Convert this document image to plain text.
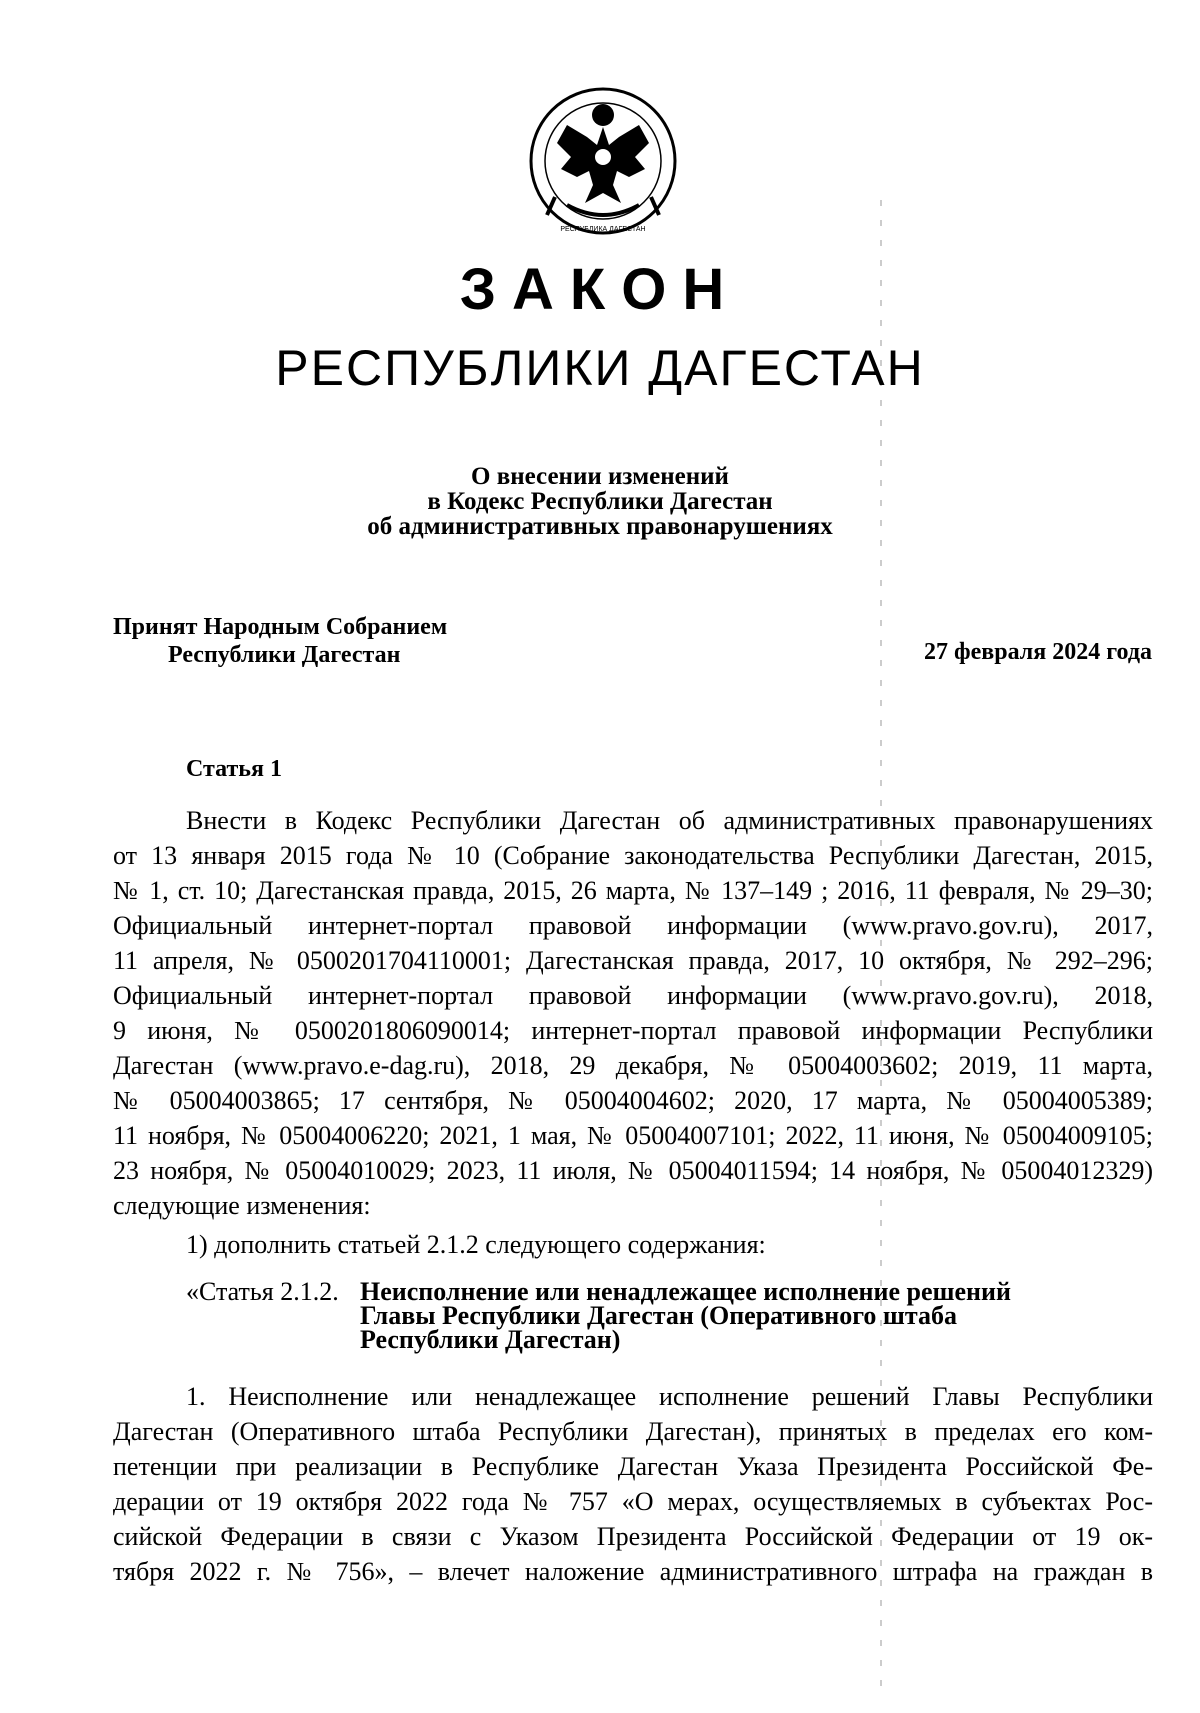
РЕСПУБЛИКА ДАГЕСТАН
ЗАКОН
РЕСПУБЛИКИ ДАГЕСТАН
О внесении изменений
в Кодекс Республики Дагестан
об административных правонарушениях
Принят Народным Собранием
Республики Дагестан	27 февраля 2024 года
Статья 1
Внести в Кодекс Республики Дагестан об административных правонарушениях
от 13 января 2015 года № 10 (Собрание законодательства Республики Дагестан, 2015,
№ 1, ст. 10; Дагестанская правда, 2015, 26 марта, № 137–149 ; 2016, 11 февраля, № 29–30;
Официальный интернет-портал правовой информации (www.pravo.gov.ru), 2017,
11 апреля, № 0500201704110001; Дагестанская правда, 2017, 10 октября, № 292–296;
Официальный интернет-портал правовой информации (www.pravo.gov.ru), 2018,
9 июня, № 0500201806090014; интернет-портал правовой информации Республики
Дагестан (www.pravo.e-dag.ru), 2018, 29 декабря, № 05004003602; 2019, 11 марта,
№ 05004003865; 17 сентября, № 05004004602; 2020, 17 марта, № 05004005389;
11 ноября, № 05004006220; 2021, 1 мая, № 05004007101; 2022, 11 июня, № 05004009105;
23 ноября, № 05004010029; 2023, 11 июля, № 05004011594; 14 ноября, № 05004012329)
следующие изменения:
1) дополнить статьей 2.1.2 следующего содержания:
«Статья 2.1.2. Неисполнение или ненадлежащее исполнение решений
Главы Республики Дагестан (Оперативного штаба
Республики Дагестан)
1. Неисполнение или ненадлежащее исполнение решений Главы Республики
Дагестан (Оперативного штаба Республики Дагестан), принятых в пределах его ком-
петенции при реализации в Республике Дагестан Указа Президента Российской Фе-
дерации от 19 октября 2022 года № 757 «О мерах, осуществляемых в субъектах Рос-
сийской Федерации в связи с Указом Президента Российской Федерации от 19 ок-
тября 2022 г. № 756», – влечет наложение административного штрафа на граждан в
